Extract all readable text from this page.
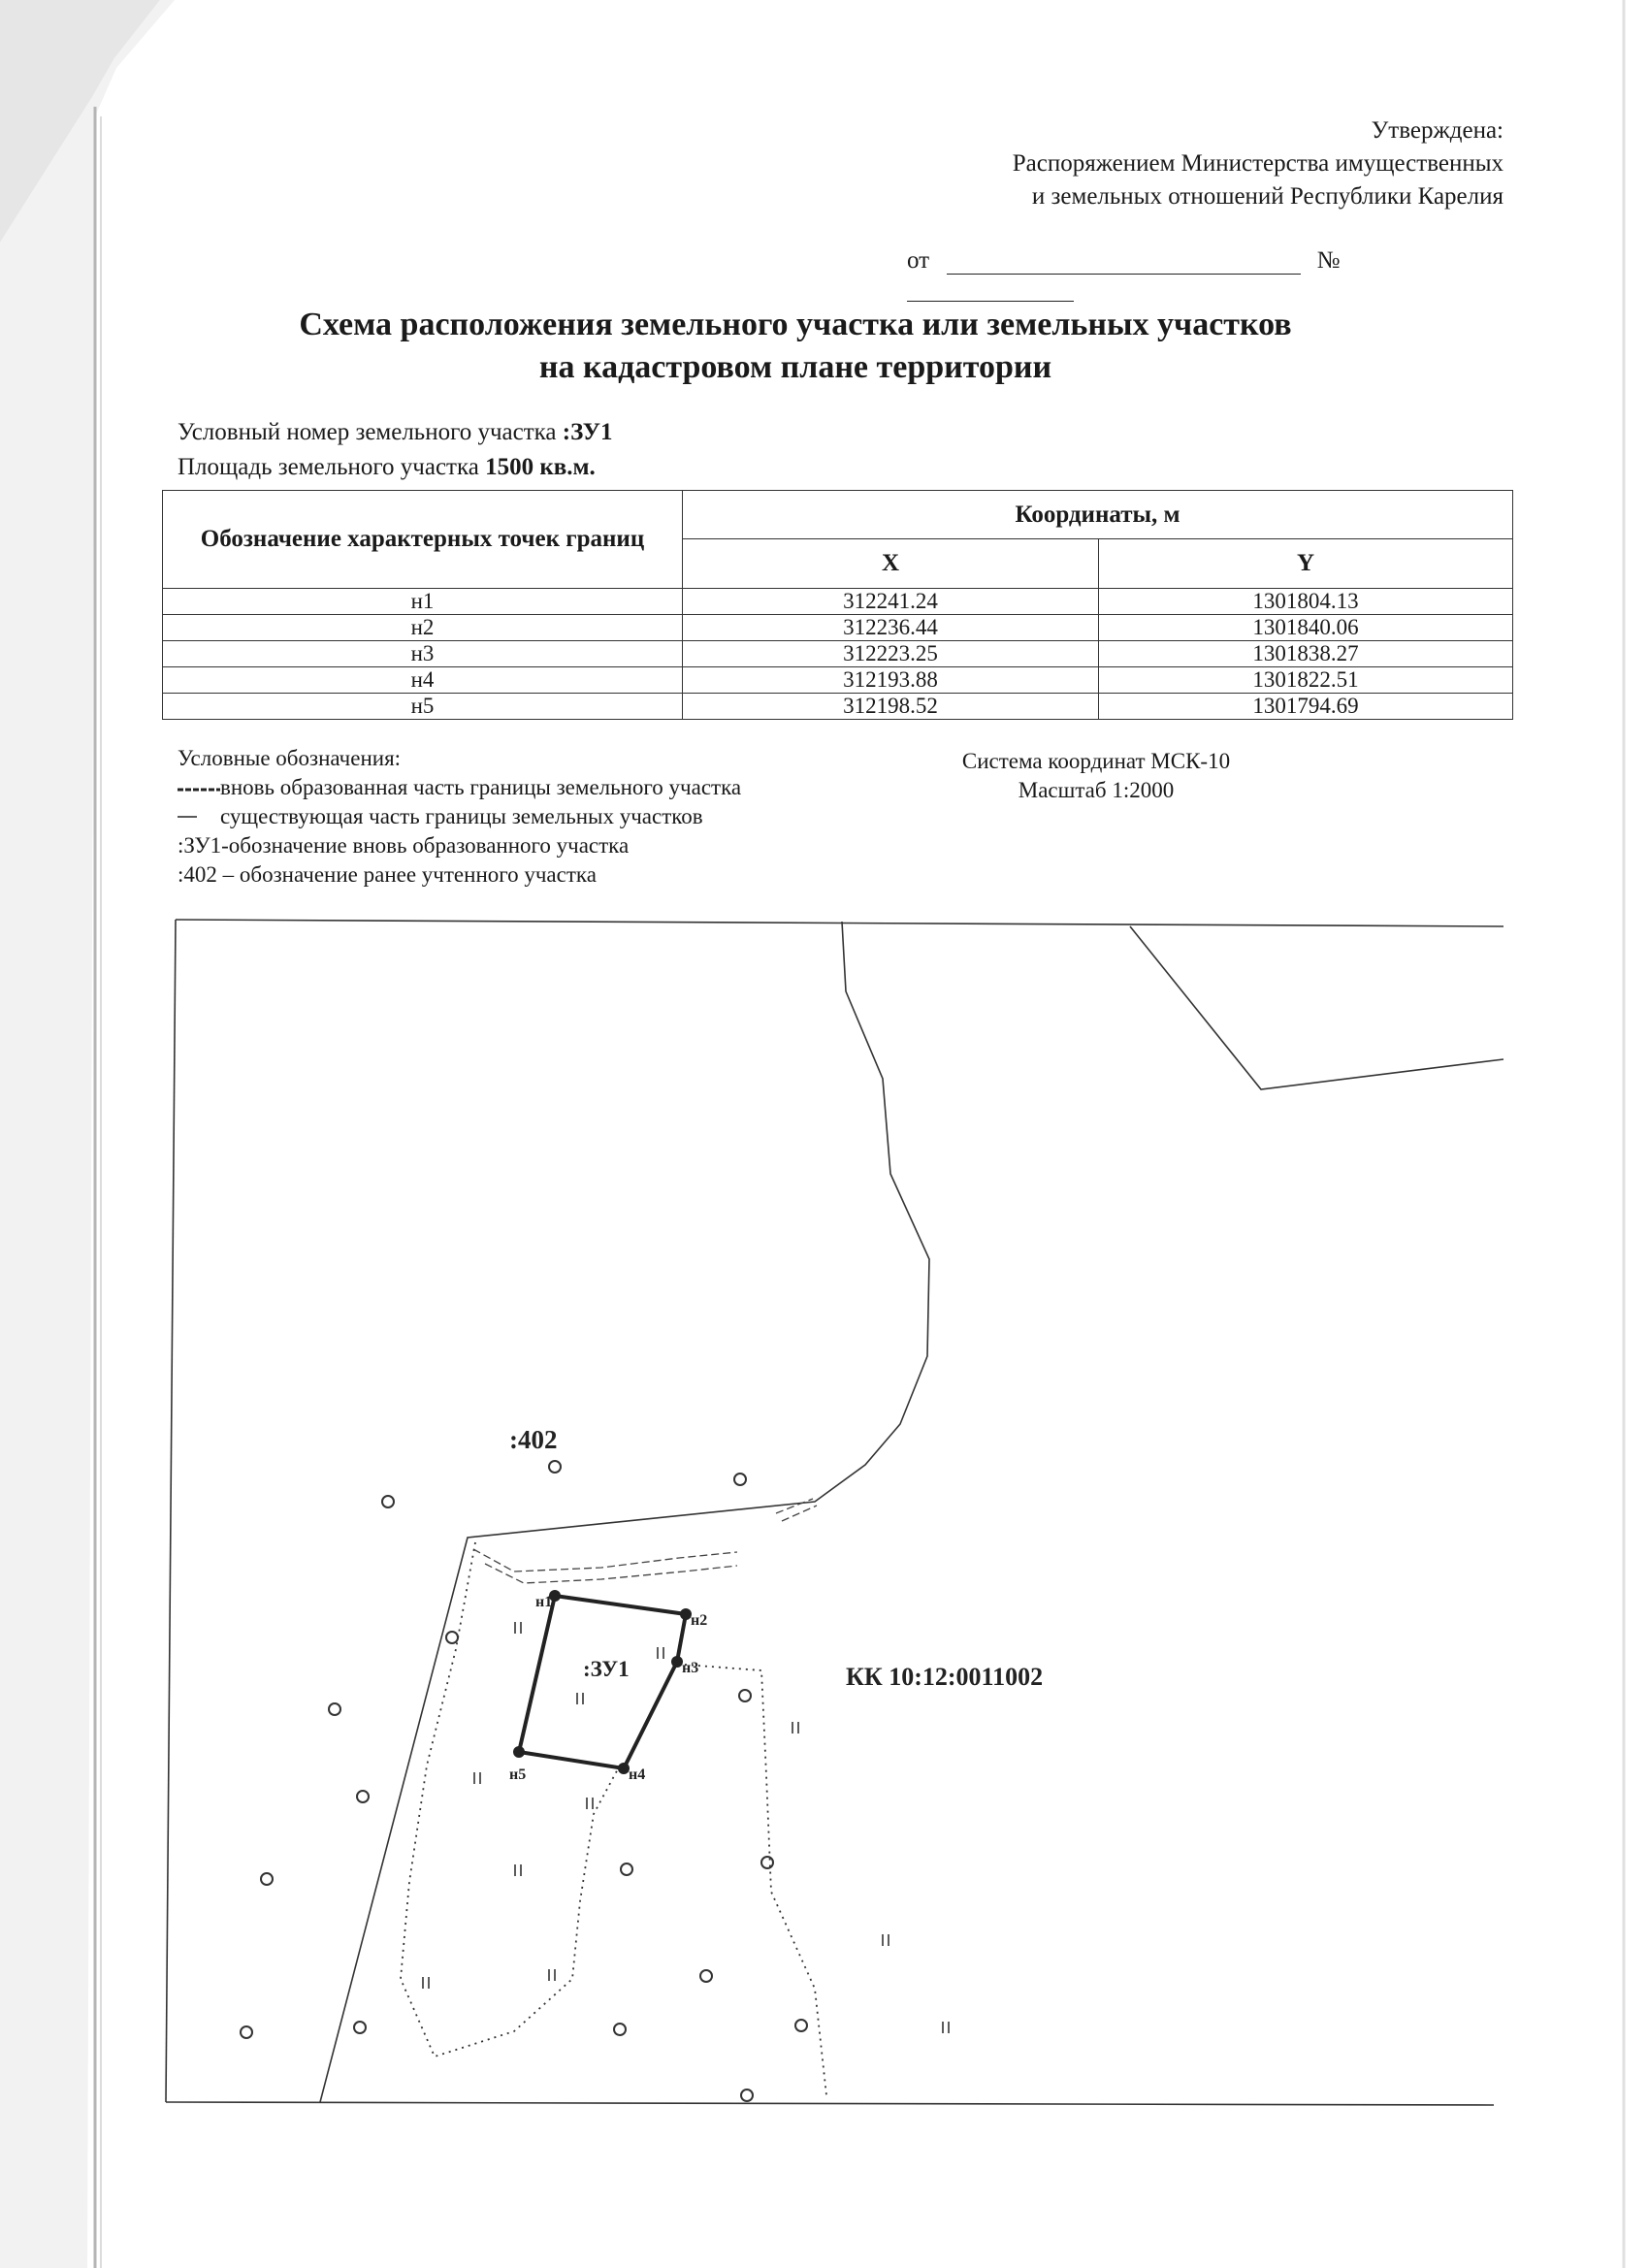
Утверждена:
Распоряжением Министерства имущественных
и земельных отношений Республики Карелия
от	№
Схема расположения земельного участка или земельных участков
на кадастровом плане территории
Условный номер земельного участка :ЗУ1
Площадь земельного участка 1500 кв.м.
Обозначение характерных точек границ	Координаты, м	
	X	Y
н1	312241.24	1301804.13
н2	312236.44	1301840.06
н3	312223.25	1301838.27
н4	312193.88	1301822.51
н5	312198.52	1301794.69
Условные обозначения:
вновь образованная часть границы земельного участка
существующая часть границы земельных участков
:ЗУ1-обозначение вновь образованного участка
:402 – обозначение ранее учтенного участка
Система координат МСК-10
Масштаб 1:2000
:402
:ЗУ1	КК 10:12:0011002
н1
н2
н3
н4
н5
